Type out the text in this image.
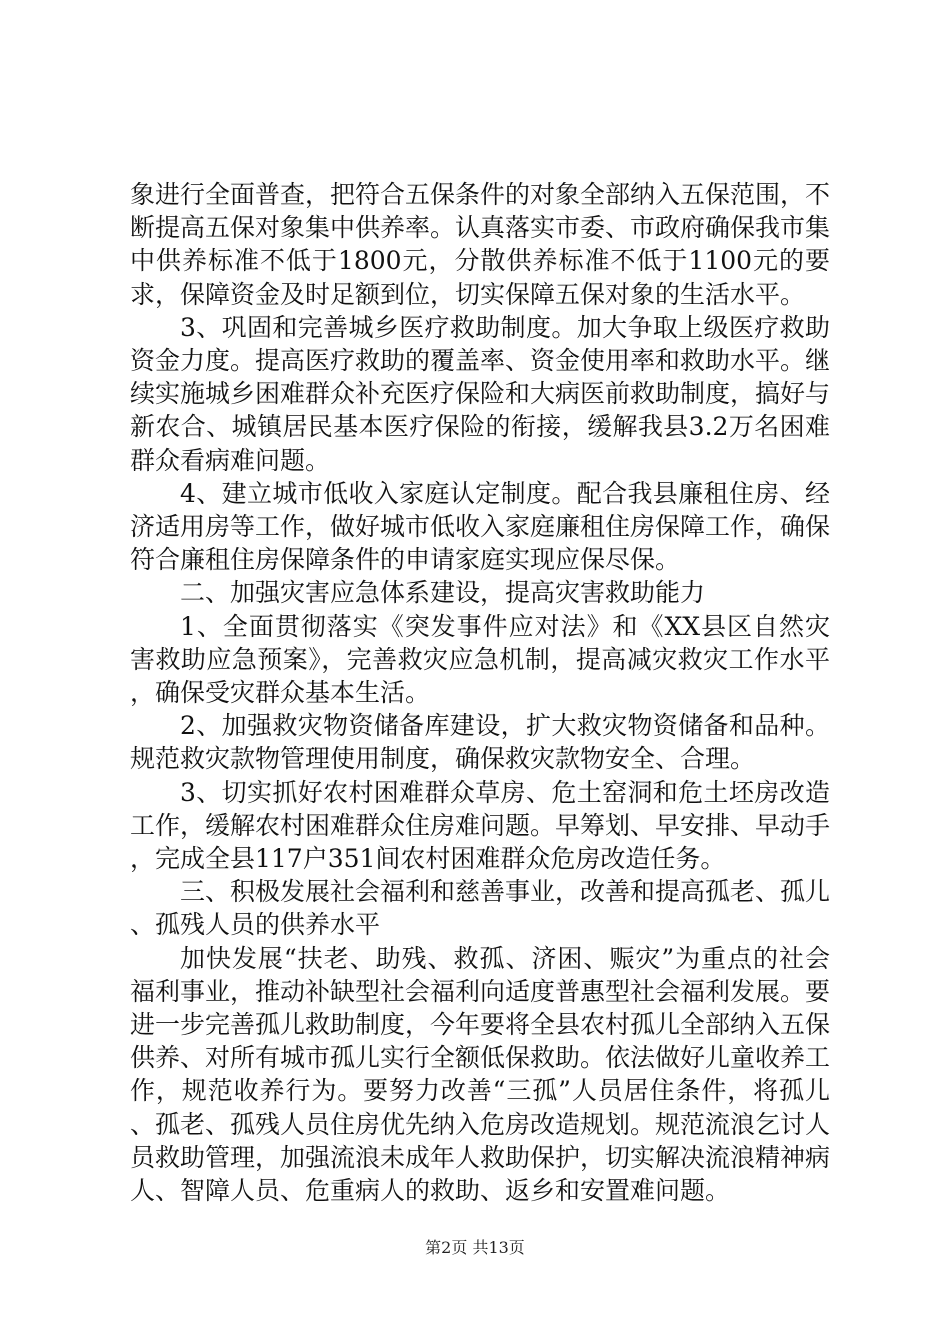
象进行全面普查，把符合五保条件的对象全部纳入五保范围，不断提高五保对象集中供养率。认真落实市委、市政府确保我市集中供养标准不低于1800元，分散供养标准不低于1100元的要求，保障资金及时足额到位，切实保障五保对象的生活水平。

3、巩固和完善城乡医疗救助制度。加大争取上级医疗救助资金力度。提高医疗救助的覆盖率、资金使用率和救助水平。继续实施城乡困难群众补充医疗保险和大病医前救助制度，搞好与新农合、城镇居民基本医疗保险的衔接，缓解我县3.2万名困难群众看病难问题。

4、建立城市低收入家庭认定制度。配合我县廉租住房、经济适用房等工作，做好城市低收入家庭廉租住房保障工作，确保符合廉租住房保障条件的申请家庭实现应保尽保。

二、加强灾害应急体系建设，提高灾害救助能力

1、全面贯彻落实《突发事件应对法》和《XX县区自然灾害救助应急预案》，完善救灾应急机制，提高减灾救灾工作水平，确保受灾群众基本生活。

2、加强救灾物资储备库建设，扩大救灾物资储备和品种。规范救灾款物管理使用制度，确保救灾款物安全、合理。

3、切实抓好农村困难群众草房、危土窑洞和危土坯房改造工作，缓解农村困难群众住房难问题。早筹划、早安排、早动手，完成全县117户351间农村困难群众危房改造任务。

三、积极发展社会福利和慈善事业，改善和提高孤老、孤儿、孤残人员的供养水平

加快发展“扶老、助残、救孤、济困、赈灾”为重点的社会福利事业，推动补缺型社会福利向适度普惠型社会福利发展。要进一步完善孤儿救助制度，今年要将全县农村孤儿全部纳入五保供养、对所有城市孤儿实行全额低保救助。依法做好儿童收养工作，规范收养行为。要努力改善“三孤”人员居住条件，将孤儿、孤老、孤残人员住房优先纳入危房改造规划。规范流浪乞讨人员救助管理，加强流浪未成年人救助保护，切实解决流浪精神病人、智障人员、危重病人的救助、返乡和安置难问题。

第2页 共13页
